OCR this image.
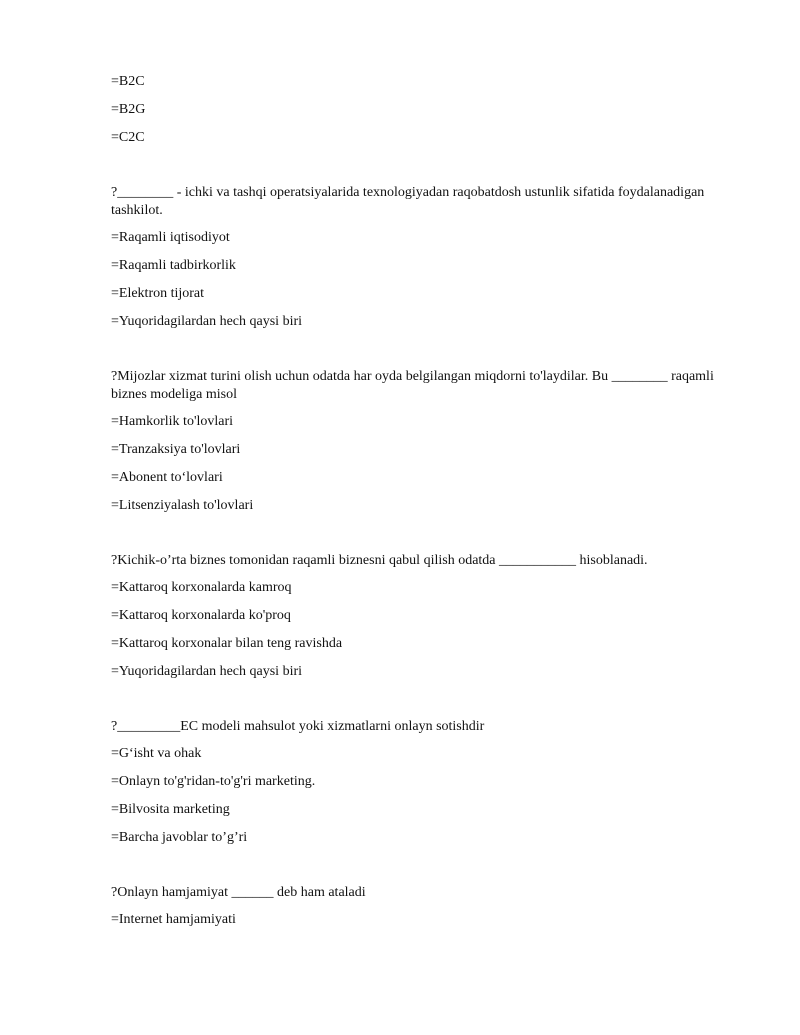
=B2C

=B2G

=C2C

?________ - ichki va tashqi operatsiyalarida texnologiyadan raqobatdosh ustunlik sifatida foydalanadigan tashkilot.

=Raqamli iqtisodiyot

=Raqamli tadbirkorlik

=Elektron tijorat

=Yuqoridagilardan hech qaysi biri

?Mijozlar xizmat turini olish uchun odatda har oyda belgilangan miqdorni to'laydilar. Bu ________ raqamli biznes modeliga misol

=Hamkorlik to'lovlari

=Tranzaksiya to'lovlari

=Abonent to‘lovlari

=Litsenziyalash to'lovlari

?Kichik-o’rta biznes tomonidan raqamli biznesni qabul qilish odatda ___________ hisoblanadi.

=Kattaroq korxonalarda kamroq

=Kattaroq korxonalarda ko'proq

=Kattaroq korxonalar bilan teng ravishda

=Yuqoridagilardan hech qaysi biri

?_________EC modeli mahsulot yoki xizmatlarni onlayn sotishdir

=G‘isht va ohak

=Onlayn to'g'ridan-to'g'ri marketing.

=Bilvosita marketing

=Barcha javoblar to’g’ri

?Onlayn hamjamiyat ______ deb ham ataladi

=Internet hamjamiyati
